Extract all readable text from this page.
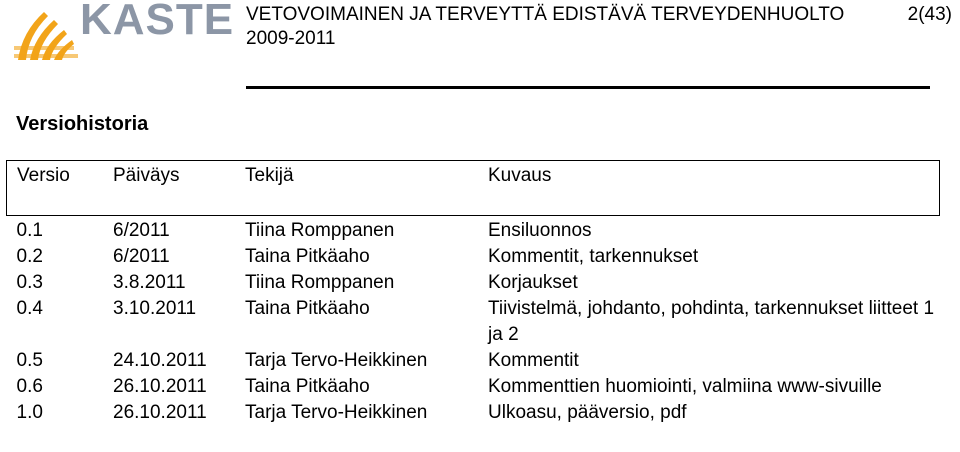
KASTE VETOVOIMAINEN JA TERVEYTTÄ EDISTÄVÄ TERVEYDENHUOLTO
2009-2011
2(43)
Versiohistoria
Versio	Päiväys	Tekijä	Kuvaus
0.1	6/2011	Tiina Romppanen	Ensiluonnos
0.2	6/2011	Taina Pitkäaho	Kommentit, tarkennukset
0.3	3.8.2011	Tiina Romppanen	Korjaukset
0.4	3.10.2011	Taina Pitkäaho	Tiivistelmä, johdanto, pohdinta, tarkennukset liitteet 1 ja 2
0.5	24.10.2011	Tarja Tervo-Heikkinen	Kommentit
0.6	26.10.2011	Taina Pitkäaho	Kommenttien huomiointi, valmiina www-sivuille
1.0	26.10.2011	Tarja Tervo-Heikkinen	Ulkoasu, pääversio, pdf
